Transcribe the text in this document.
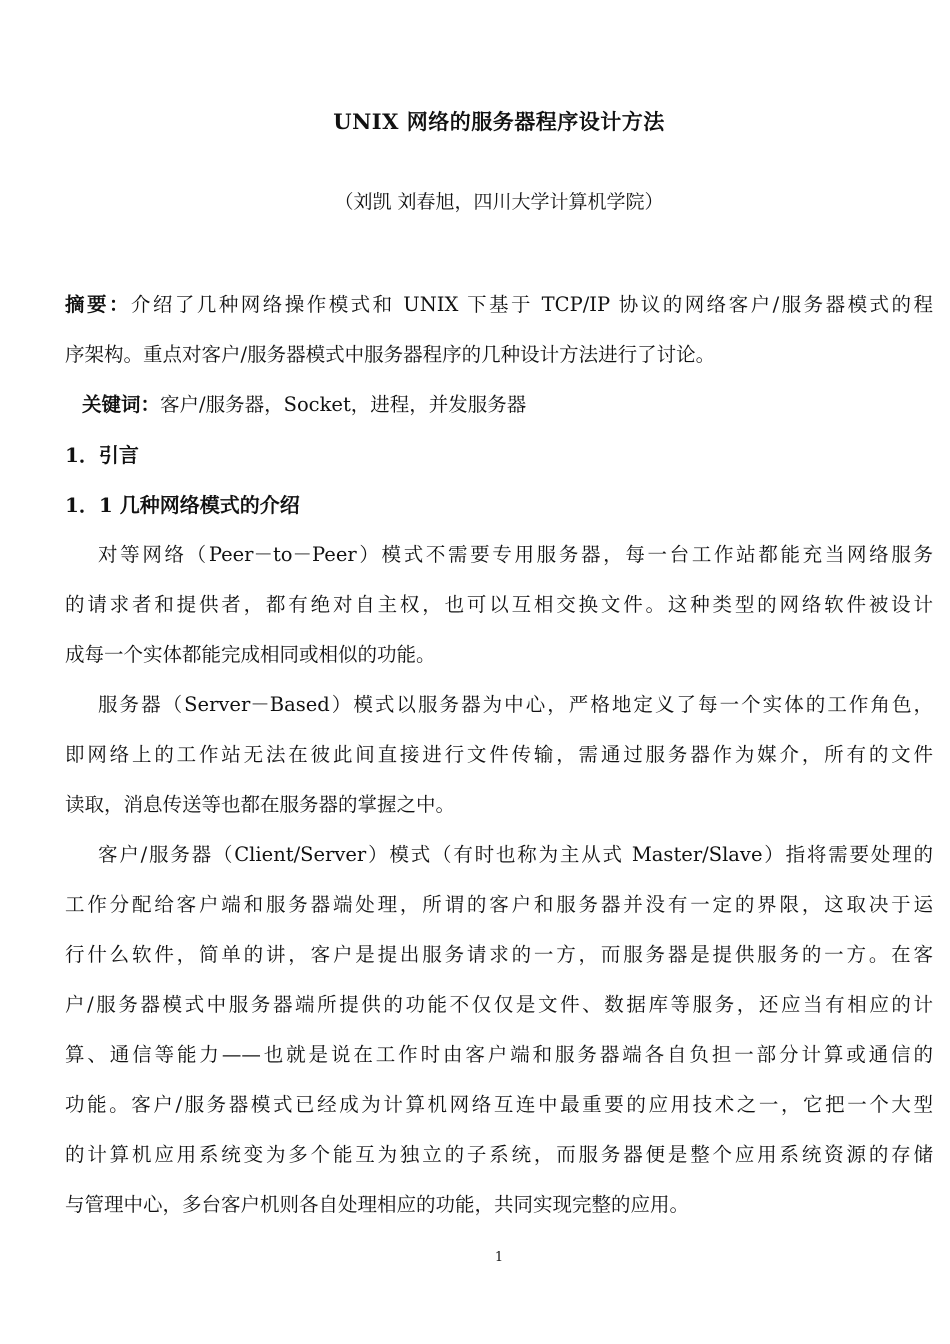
UNIX 网络的服务器程序设计方法
（刘凯 刘春旭，四川大学计算机学院）
摘要：介绍了几种网络操作模式和 UNIX 下基于 TCP/IP 协议的网络客户/服务器模式的程
序架构。重点对客户/服务器模式中服务器程序的几种设计方法进行了讨论。
关键词：客户/服务器，Socket，进程，并发服务器
1．引言
1．1 几种网络模式的介绍
对等网络（Peer－to－Peer）模式不需要专用服务器，每一台工作站都能充当网络服务
的请求者和提供者，都有绝对自主权，也可以互相交换文件。这种类型的网络软件被设计
成每一个实体都能完成相同或相似的功能。
服务器（Server－Based）模式以服务器为中心，严格地定义了每一个实体的工作角色，
即网络上的工作站无法在彼此间直接进行文件传输，需通过服务器作为媒介，所有的文件
读取，消息传送等也都在服务器的掌握之中。
客户/服务器（Client/Server）模式（有时也称为主从式 Master/Slave）指将需要处理的
工作分配给客户端和服务器端处理，所谓的客户和服务器并没有一定的界限，这取决于运
行什么软件，简单的讲，客户是提出服务请求的一方，而服务器是提供服务的一方。在客
户/服务器模式中服务器端所提供的功能不仅仅是文件、数据库等服务，还应当有相应的计
算、通信等能力——也就是说在工作时由客户端和服务器端各自负担一部分计算或通信的
功能。客户/服务器模式已经成为计算机网络互连中最重要的应用技术之一，它把一个大型
的计算机应用系统变为多个能互为独立的子系统，而服务器便是整个应用系统资源的存储
与管理中心，多台客户机则各自处理相应的功能，共同实现完整的应用。
1
